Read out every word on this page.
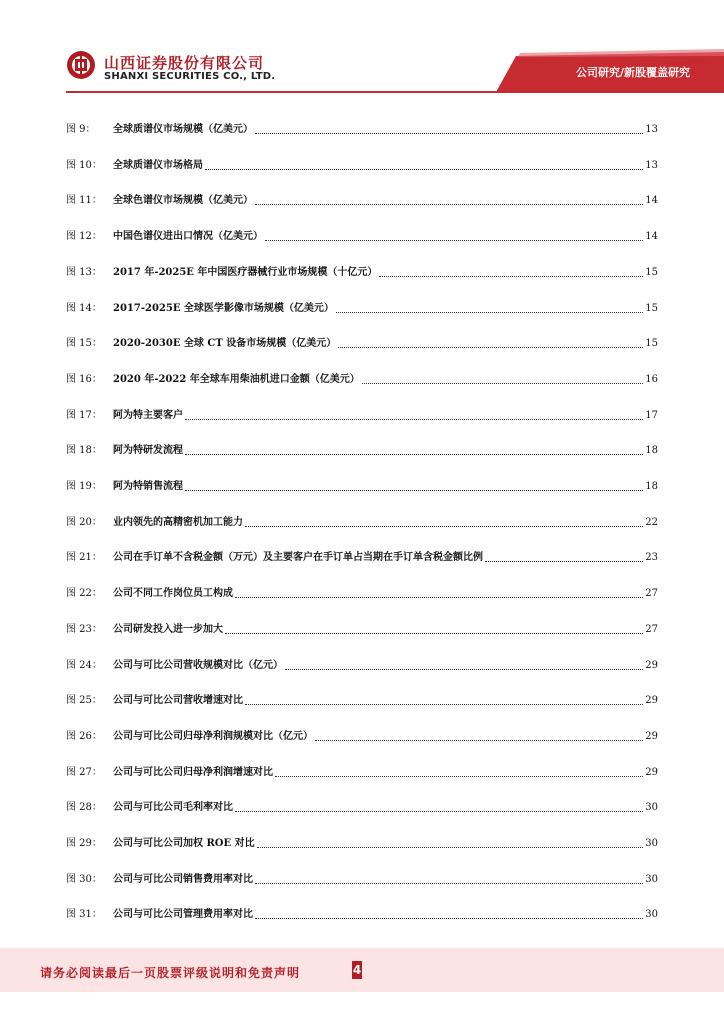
山西证券股份有限公司
SHANXI SECURITIES CO., LTD.	公司研究/新股覆盖研究
图 9：	全球质谱仪市场规模（亿美元）	13
图 10：	全球质谱仪市场格局	13
图 11：	全球色谱仪市场规模（亿美元）	14
图 12：	中国色谱仪进出口情况（亿美元）	14
图 13：	2017 年-2025E 年中国医疗器械行业市场规模（十亿元）	15
图 14：	2017-2025E 全球医学影像市场规模（亿美元）	15
图 15：	2020-2030E 全球 CT 设备市场规模（亿美元）	15
图 16：	2020 年-2022 年全球车用柴油机进口金额（亿美元）	16
图 17：	阿为特主要客户	17
图 18：	阿为特研发流程	18
图 19：	阿为特销售流程	18
图 20：	业内领先的高精密机加工能力	22
图 21：	公司在手订单不含税金额（万元）及主要客户在手订单占当期在手订单含税金额比例	23
图 22：	公司不同工作岗位员工构成	27
图 23：	公司研发投入进一步加大	27
图 24：	公司与可比公司营收规模对比（亿元）	29
图 25：	公司与可比公司营收增速对比	29
图 26：	公司与可比公司归母净利润规模对比（亿元）	29
图 27：	公司与可比公司归母净利润增速对比	29
图 28：	公司与可比公司毛利率对比	30
图 29：	公司与可比公司加权 ROE 对比	30
图 30：	公司与可比公司销售费用率对比	30
图 31：	公司与可比公司管理费用率对比	30
请务必阅读最后一页股票评级说明和免责声明	4
